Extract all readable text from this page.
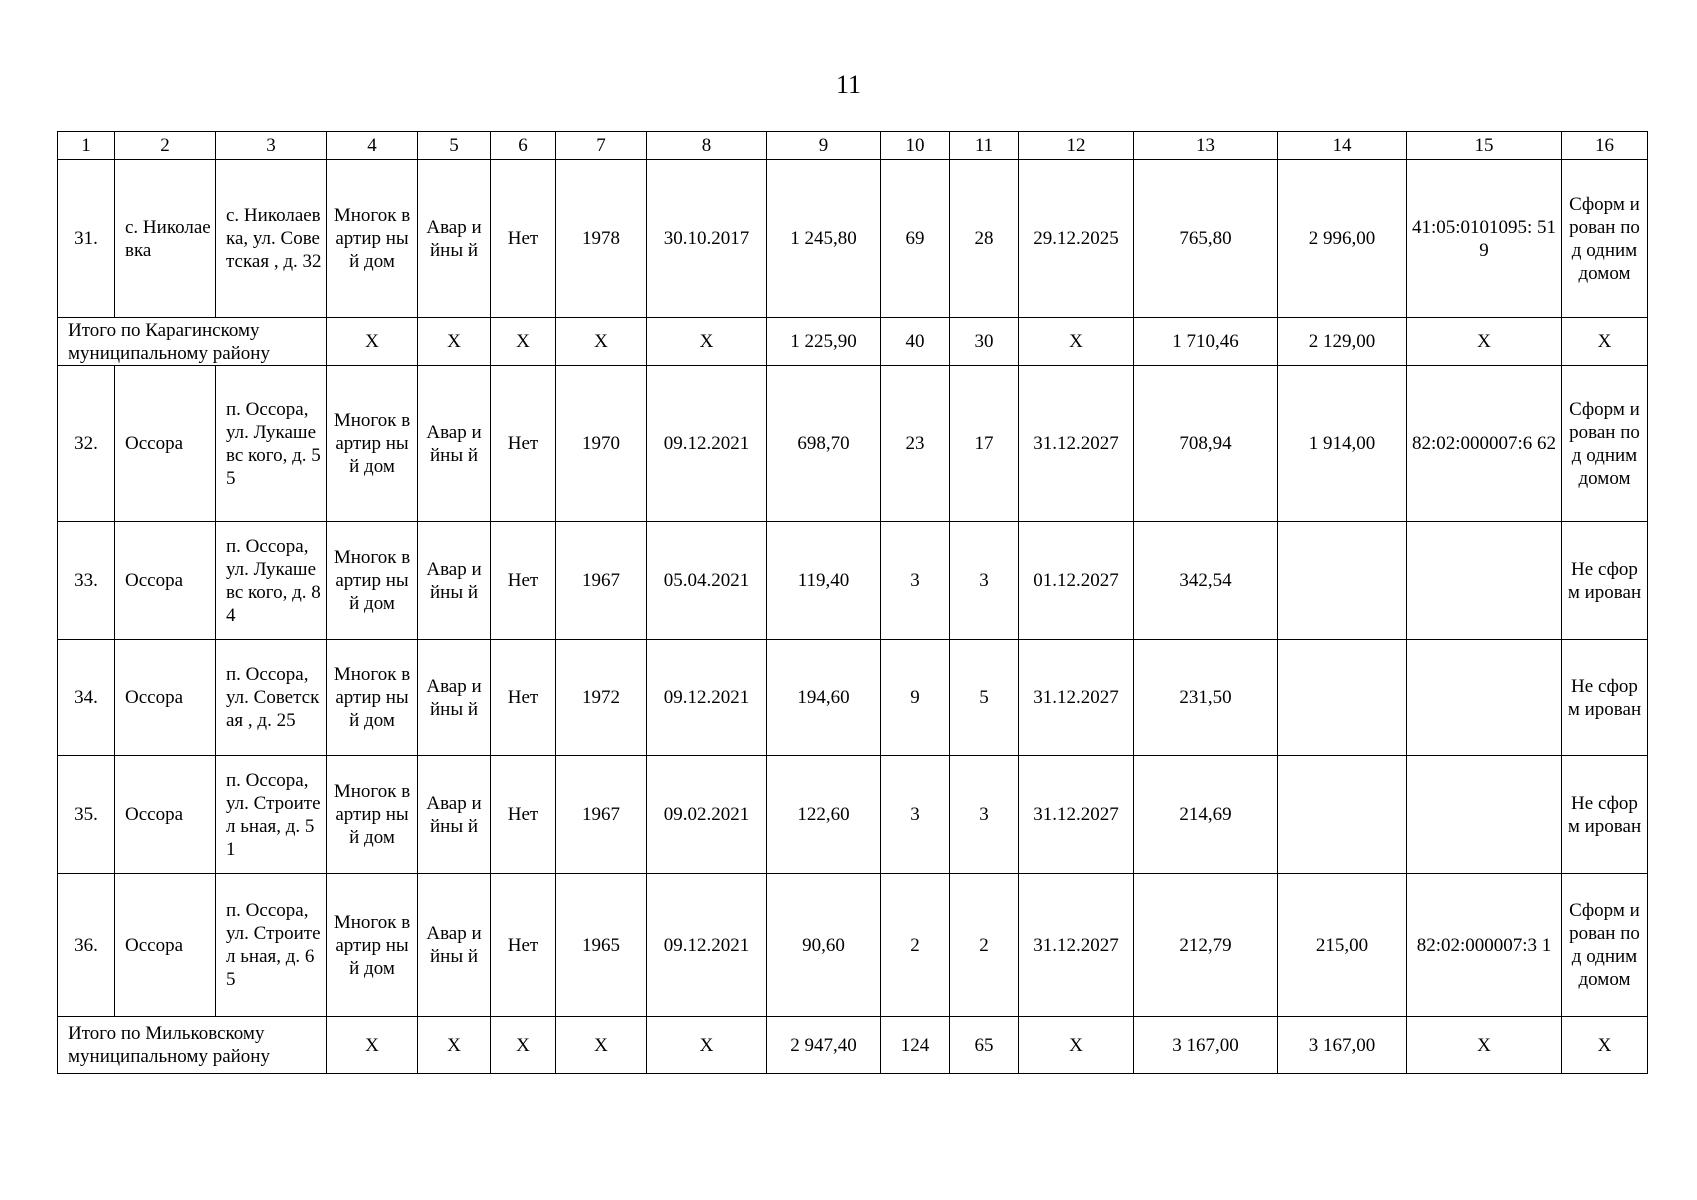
11
1	2	3	4	5	6	7	8	9	10	11	12	13	14	15	16
31.	с. Николае вка	с. Николаев ка, ул. Советская , д. 32	Многок вартир ный дом	Авар ийны й	Нет	1978	30.10.2017	1 245,80	69	28	29.12.2025	765,80	2 996,00	41:05:0101095: 519	Сформ ирован под одним домом
Итого по Карагинскому муниципальному району			Х	Х	Х	Х	Х	1 225,90	40	30	Х	1 710,46	2 129,00	Х	Х
32.	Оссора	п. Оссора, ул. Лукашевс кого, д. 55	Многок вартир ный дом	Авар ийны й	Нет	1970	09.12.2021	698,70	23	17	31.12.2027	708,94	1 914,00	82:02:000007:6 62	Сформ ирован под одним домом
33.	Оссора	п. Оссора, ул. Лукашевс кого, д. 84	Многок вартир ный дом	Авар ийны й	Нет	1967	05.04.2021	119,40	3	3	01.12.2027	342,54			Не сформ ирован
34.	Оссора	п. Оссора, ул. Советская , д. 25	Многок вартир ный дом	Авар ийны й	Нет	1972	09.12.2021	194,60	9	5	31.12.2027	231,50			Не сформ ирован
35.	Оссора	п. Оссора, ул. Строител ьная, д. 51	Многок вартир ный дом	Авар ийны й	Нет	1967	09.02.2021	122,60	3	3	31.12.2027	214,69			Не сформ ирован
36.	Оссора	п. Оссора, ул. Строител ьная, д. 65	Многок вартир ный дом	Авар ийны й	Нет	1965	09.12.2021	90,60	2	2	31.12.2027	212,79	215,00	82:02:000007:3 1	Сформ ирован под одним домом
Итого по Мильковскому муниципальному району			Х	Х	Х	Х	Х	2 947,40	124	65	Х	3 167,00	3 167,00	Х	Х
